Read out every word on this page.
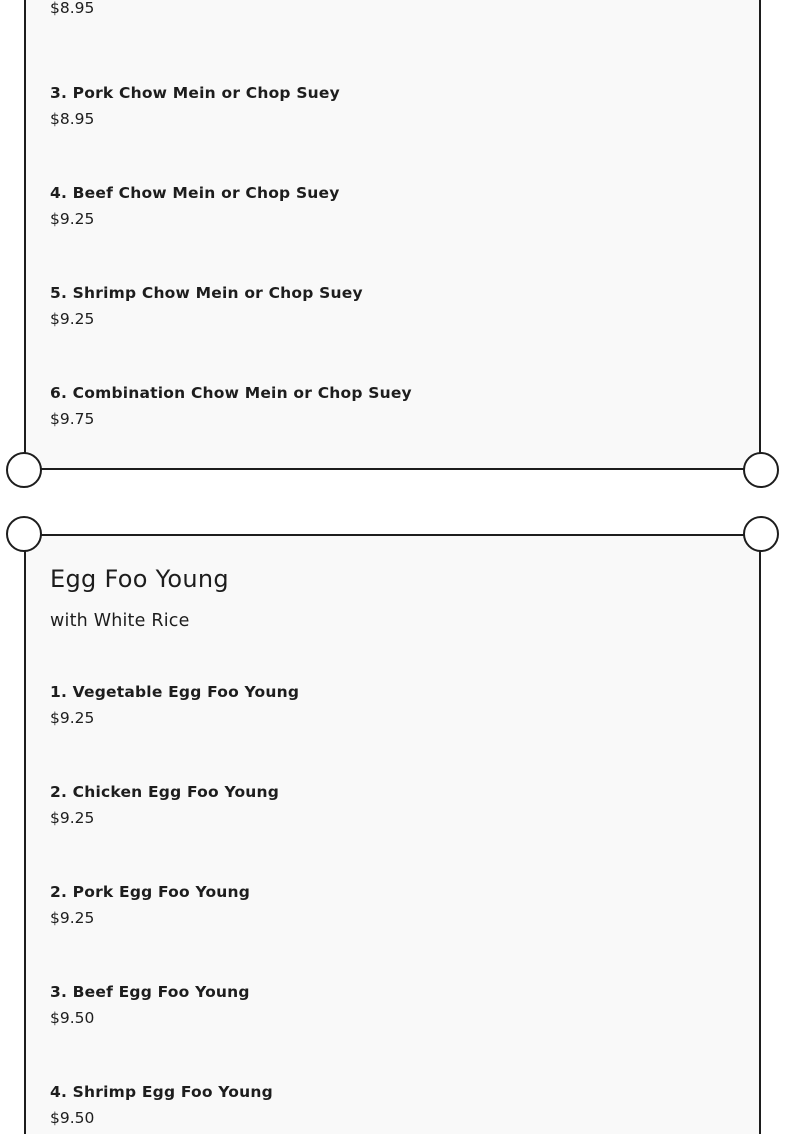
$8.95
3. Pork Chow Mein or Chop Suey
$8.95
4. Beef Chow Mein or Chop Suey
$9.25
5. Shrimp Chow Mein or Chop Suey
$9.25
6. Combination Chow Mein or Chop Suey
$9.75
Egg Foo Young
with White Rice
1. Vegetable Egg Foo Young
$9.25
2. Chicken Egg Foo Young
$9.25
2. Pork Egg Foo Young
$9.25
3. Beef Egg Foo Young
$9.50
4. Shrimp Egg Foo Young
$9.50
